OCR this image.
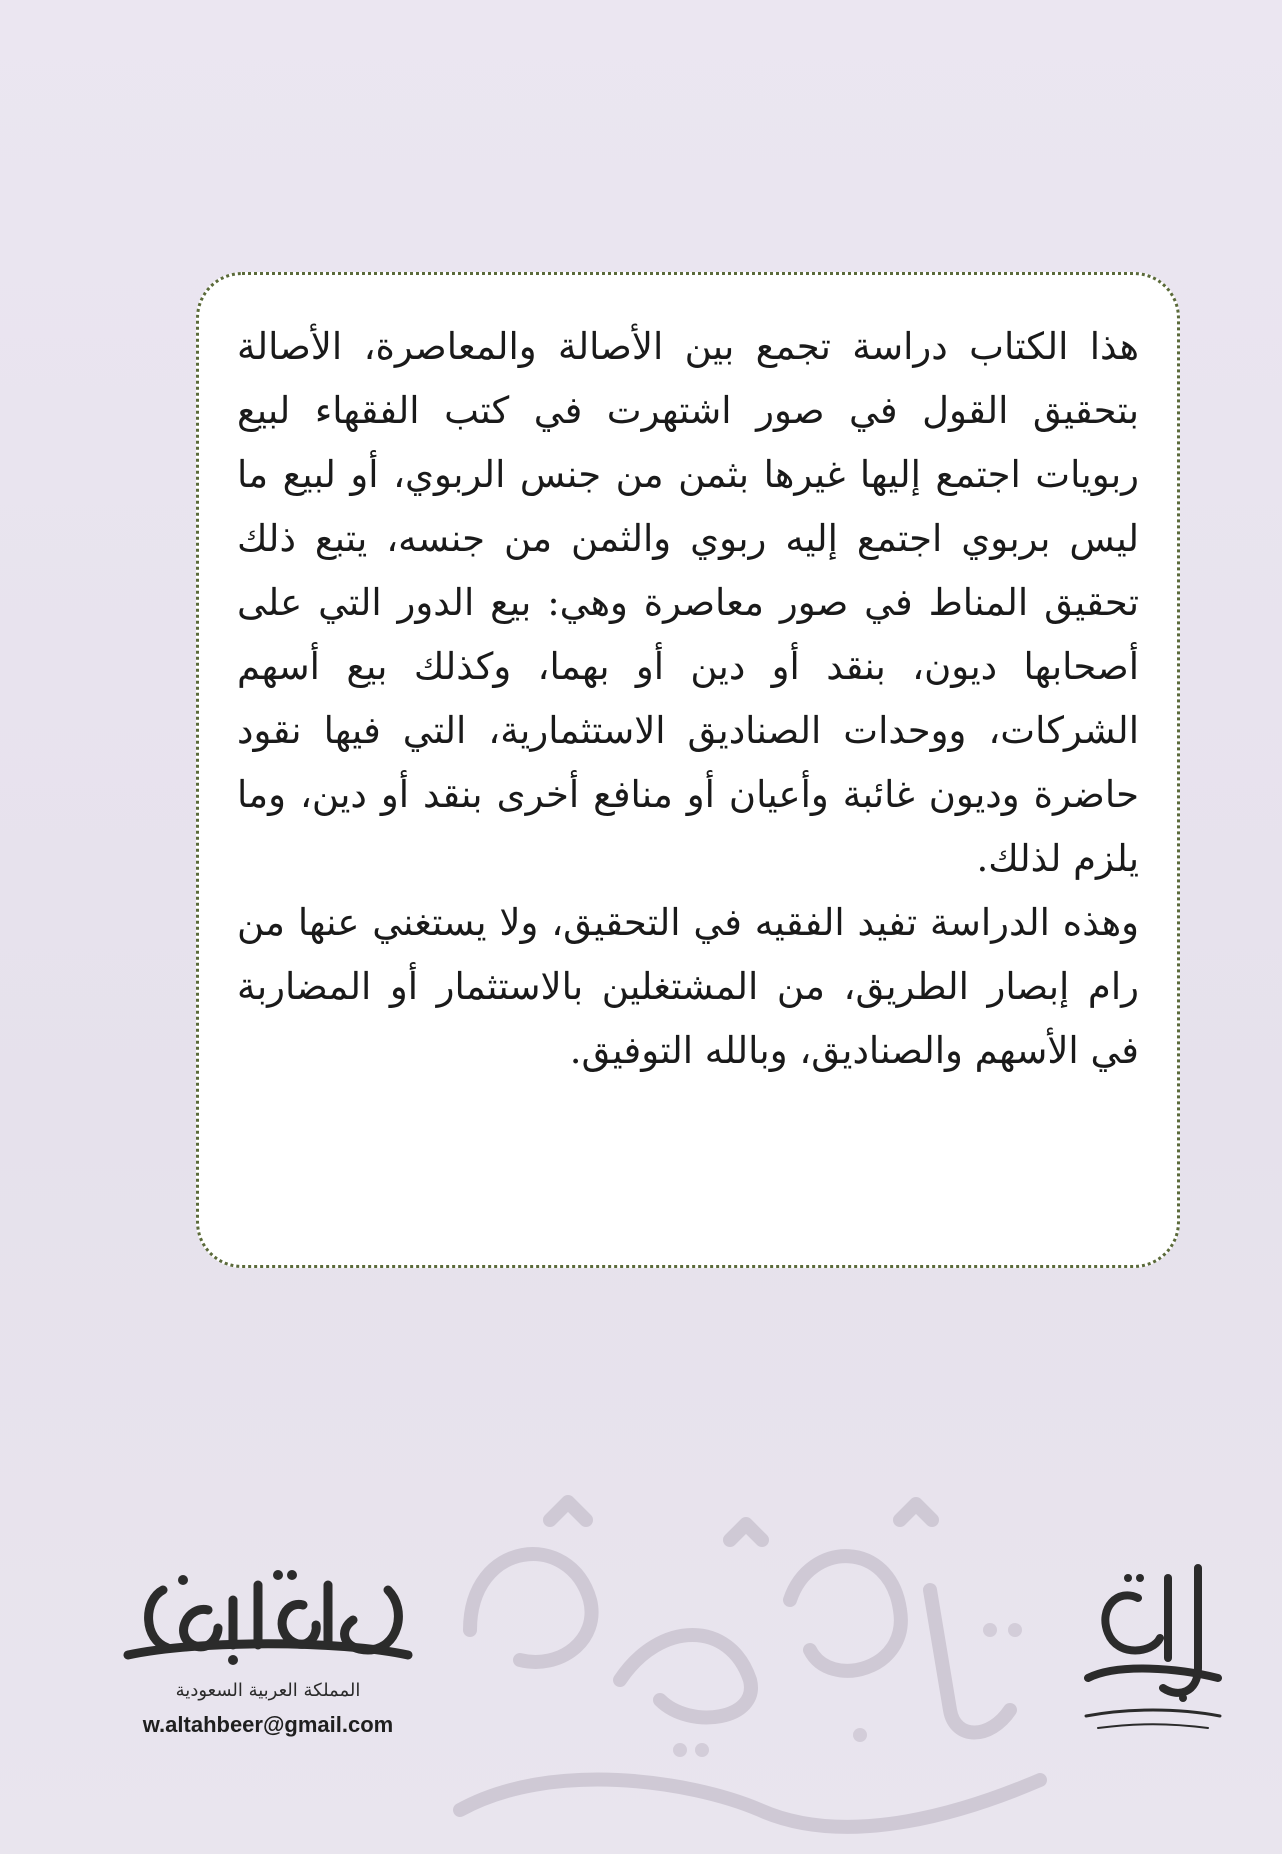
هذا الكتاب دراسة تجمع بين الأصالة والمعاصرة، الأصالة بتحقيق القول في صور اشتهرت في كتب الفقهاء لبيع ربويات اجتمع إليها غيرها بثمن من جنس الربوي، أو لبيع ما ليس بربوي اجتمع إليه ربوي والثمن من جنسه، يتبع ذلك تحقيق المناط في صور معاصرة وهي: بيع الدور التي على أصحابها ديون، بنقد أو دين أو بهما، وكذلك بيع أسهم الشركات، ووحدات الصناديق الاستثمارية، التي فيها نقود حاضرة وديون غائبة وأعيان أو منافع أخرى بنقد أو دين، وما يلزم لذلك.

وهذه الدراسة تفيد الفقيه في التحقيق، ولا يستغني عنها من رام إبصار الطريق، من المشتغلين بالاستثمار أو المضاربة في الأسهم والصناديق، وبالله التوفيق.

المملكة العربية السعودية
w.altahbeer@gmail.com
